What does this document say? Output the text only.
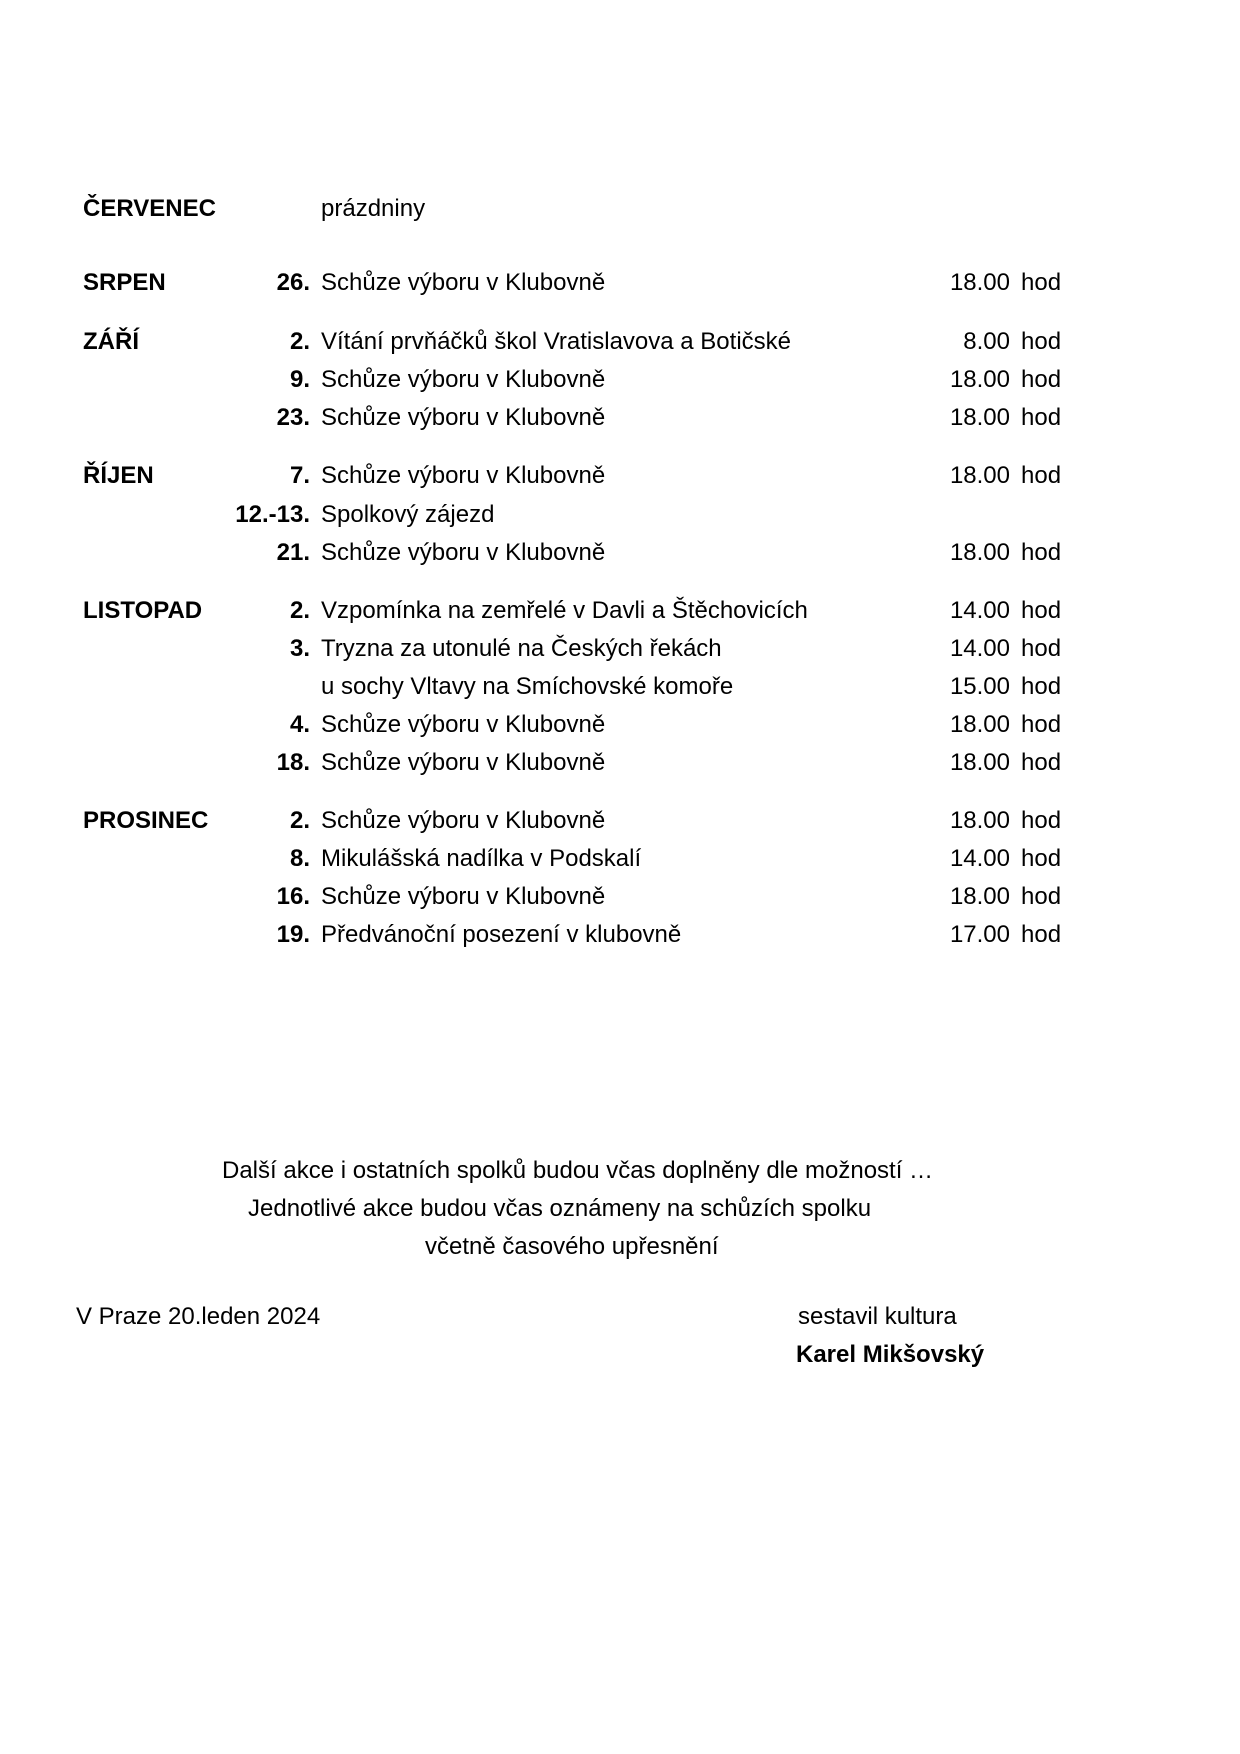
ČERVENEC	prázdniny
SRPEN	26. Schůze výboru v Klubovně	18.00 hod
ZÁŘÍ	2. Vítání prvňáčků škol Vratislavova a Botičské	8.00 hod
9. Schůze výboru v Klubovně	18.00 hod
23. Schůze výboru v Klubovně	18.00 hod
ŘÍJEN	7. Schůze výboru v Klubovně	18.00 hod
12.-13. Spolkový zájezd
21. Schůze výboru v Klubovně	18.00 hod
LISTOPAD	2. Vzpomínka na zemřelé v Davli a Štěchovicích	14.00 hod
3. Tryzna za utonulé na Českých řekách	14.00 hod
u sochy Vltavy na Smíchovské komoře	15.00 hod
4. Schůze výboru v Klubovně	18.00 hod
18. Schůze výboru v Klubovně	18.00 hod
PROSINEC	2. Schůze výboru v Klubovně	18.00 hod
8. Mikulášská nadílka v Podskalí	14.00 hod
16. Schůze výboru v Klubovně	18.00 hod
19. Předvánoční posezení v klubovně	17.00 hod
Další akce i ostatních spolků budou včas doplněny dle možností …
Jednotlivé akce budou včas oznámeny na schůzích spolku
včetně časového upřesnění
V Praze 20.leden 2024	sestavil kultura
Karel Mikšovský
